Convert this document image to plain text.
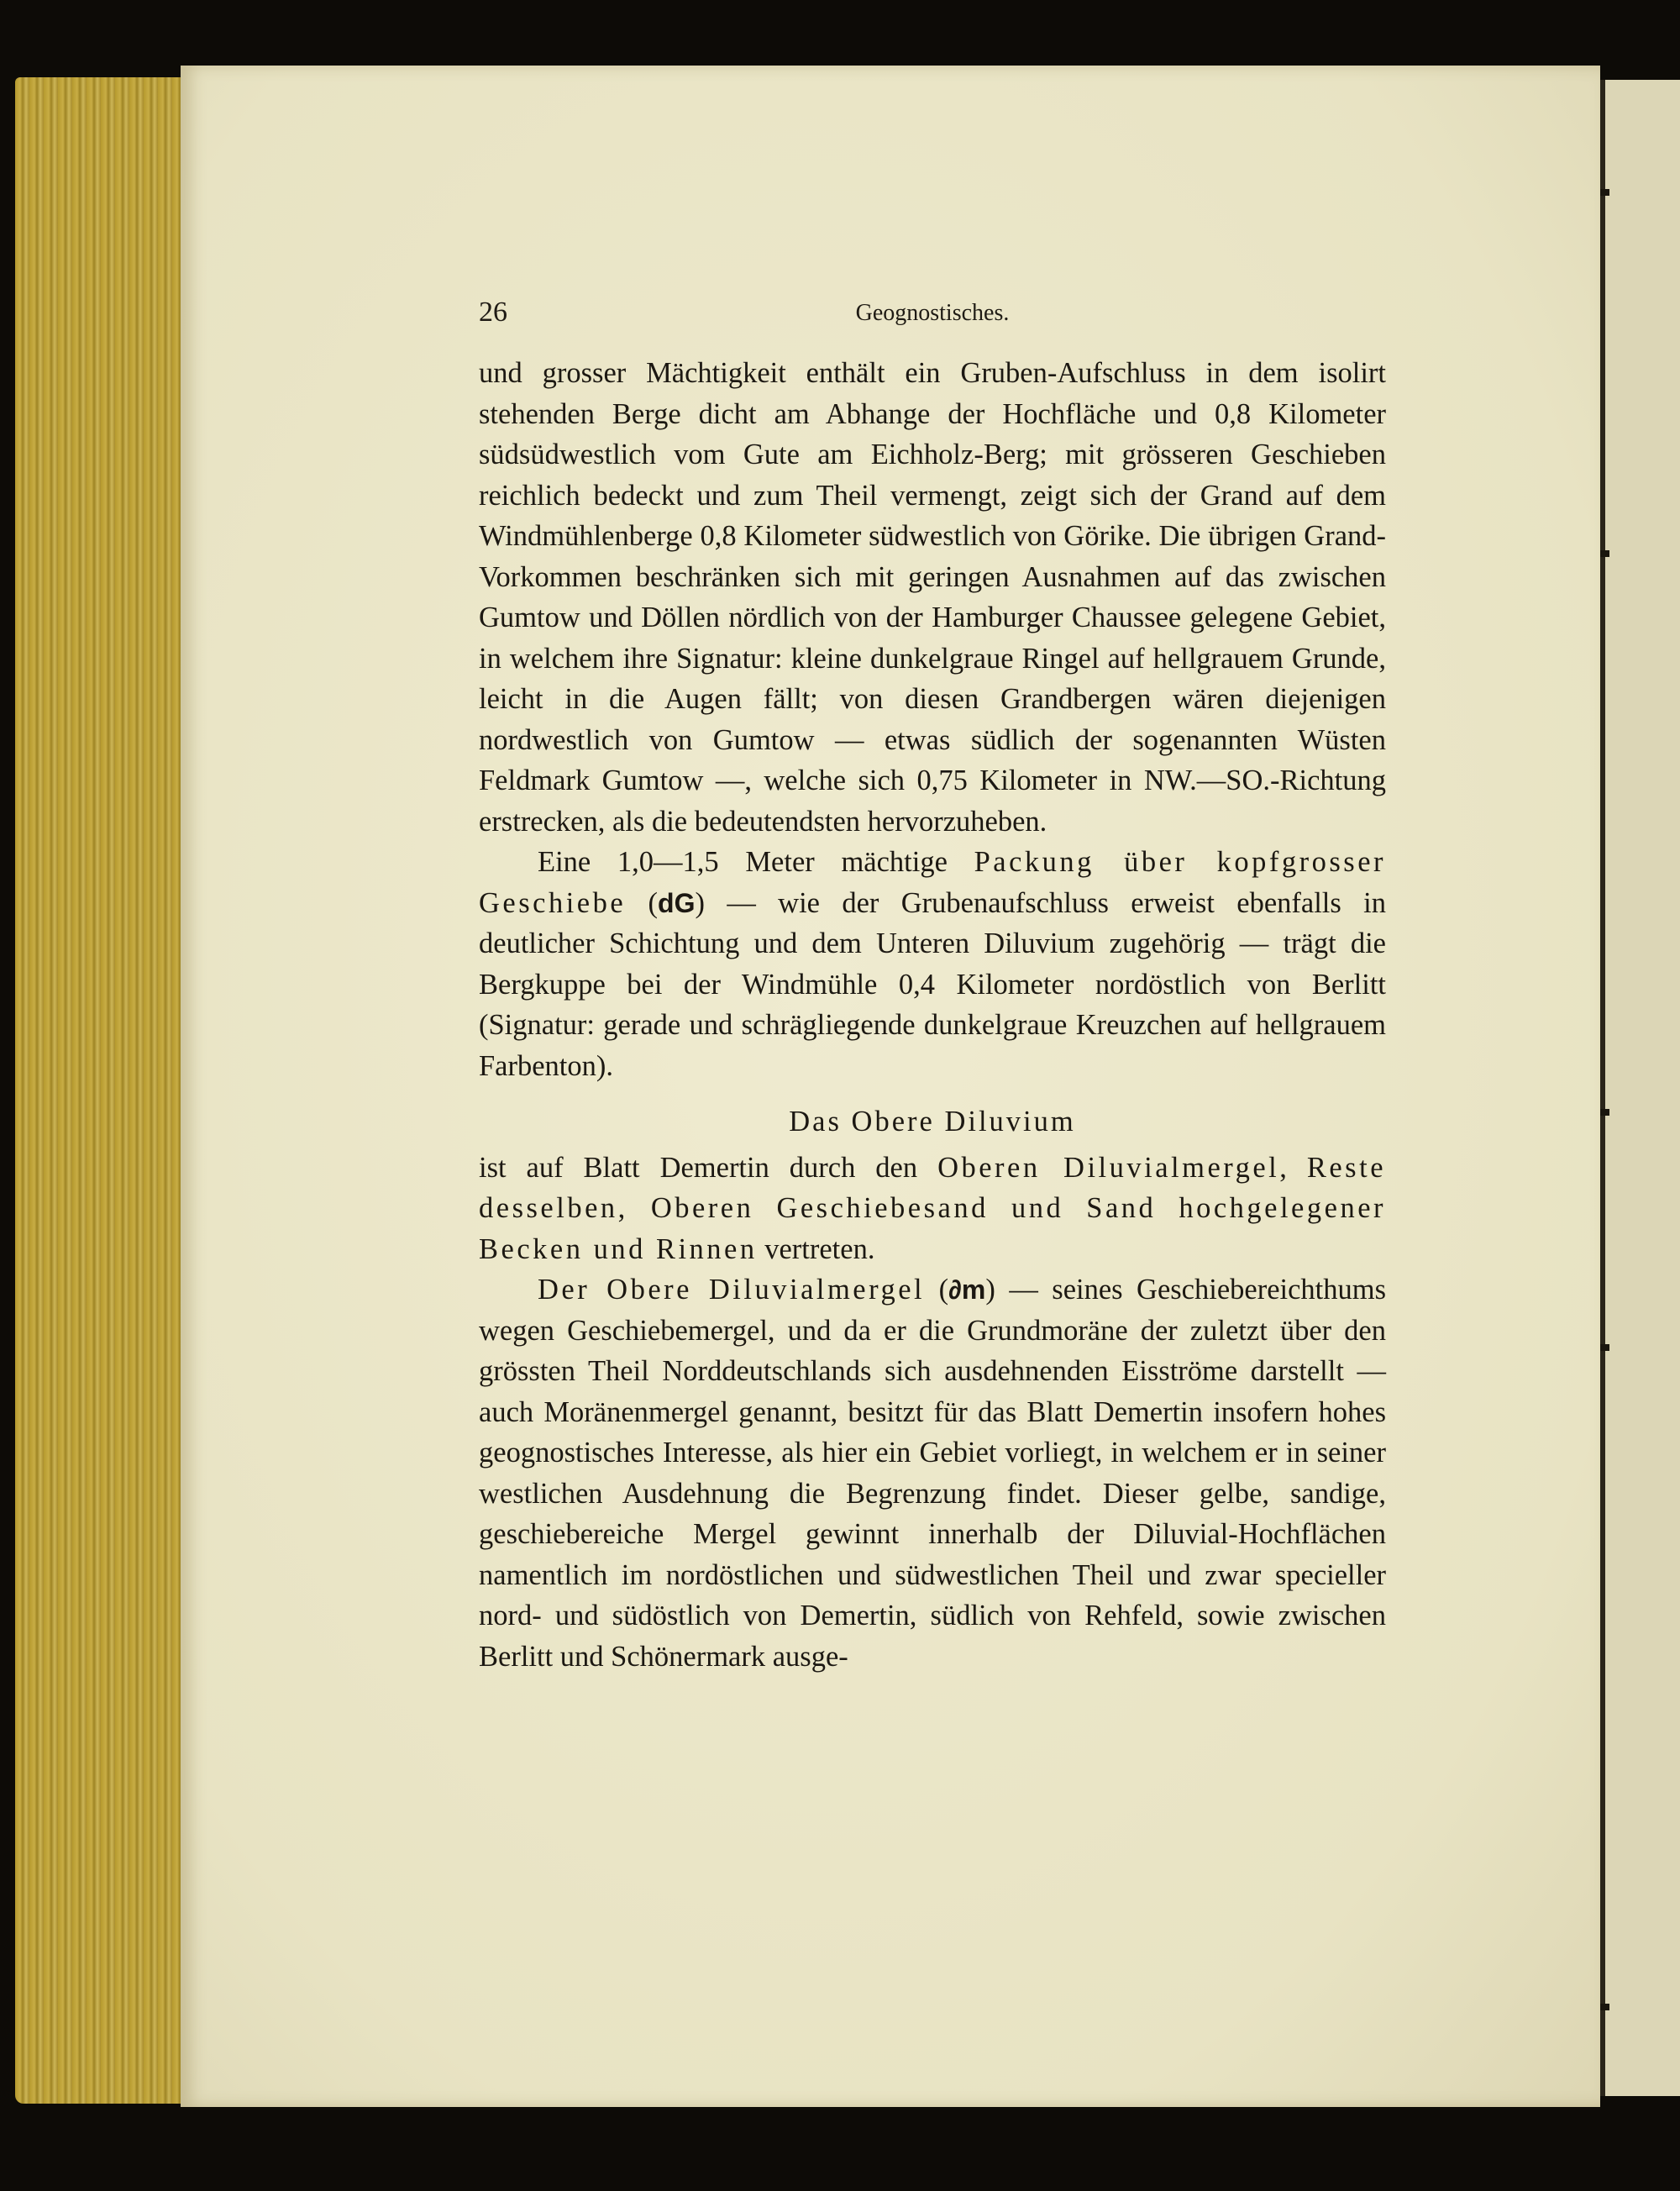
26	Geognostisches.

und grosser Mächtigkeit enthält ein Gruben-Aufschluss in dem isolirt stehenden Berge dicht am Abhange der Hochfläche und 0,8 Kilometer südsüdwestlich vom Gute am Eichholz-Berg; mit grösseren Geschieben reichlich bedeckt und zum Theil vermengt, zeigt sich der Grand auf dem Windmühlenberge 0,8 Kilometer südwestlich von Görike. Die übrigen Grand-Vorkommen beschränken sich mit geringen Ausnahmen auf das zwischen Gumtow und Döllen nördlich von der Hamburger Chaussee gelegene Gebiet, in welchem ihre Signatur: kleine dunkelgraue Ringel auf hellgrauem Grunde, leicht in die Augen fällt; von diesen Grandbergen wären diejenigen nordwestlich von Gumtow — etwas südlich der sogenannten Wüsten Feldmark Gumtow —, welche sich 0,75 Kilometer in NW.—SO.-Richtung erstrecken, als die bedeutendsten hervorzuheben.

Eine 1,0—1,5 Meter mächtige Packung über kopfgrosser Geschiebe (dG) — wie der Grubenaufschluss erweist ebenfalls in deutlicher Schichtung und dem Unteren Diluvium zugehörig — trägt die Bergkuppe bei der Windmühle 0,4 Kilometer nordöstlich von Berlitt (Signatur: gerade und schrägliegende dunkelgraue Kreuzchen auf hellgrauem Farbenton).

Das Obere Diluvium

ist auf Blatt Demertin durch den Oberen Diluvialmergel, Reste desselben, Oberen Geschiebesand und Sand hochgelegener Becken und Rinnen vertreten.

Der Obere Diluvialmergel (∂m) — seines Geschiebereichthums wegen Geschiebemergel, und da er die Grundmoräne der zuletzt über den grössten Theil Norddeutschlands sich ausdehnenden Eisströme darstellt — auch Moränenmergel genannt, besitzt für das Blatt Demertin insofern hohes geognostisches Interesse, als hier ein Gebiet vorliegt, in welchem er in seiner westlichen Ausdehnung die Begrenzung findet. Dieser gelbe, sandige, geschiebereiche Mergel gewinnt innerhalb der Diluvial-Hochflächen namentlich im nordöstlichen und südwestlichen Theil und zwar specieller nord- und südöstlich von Demertin, südlich von Rehfeld, sowie zwischen Berlitt und Schönermark ausge-
